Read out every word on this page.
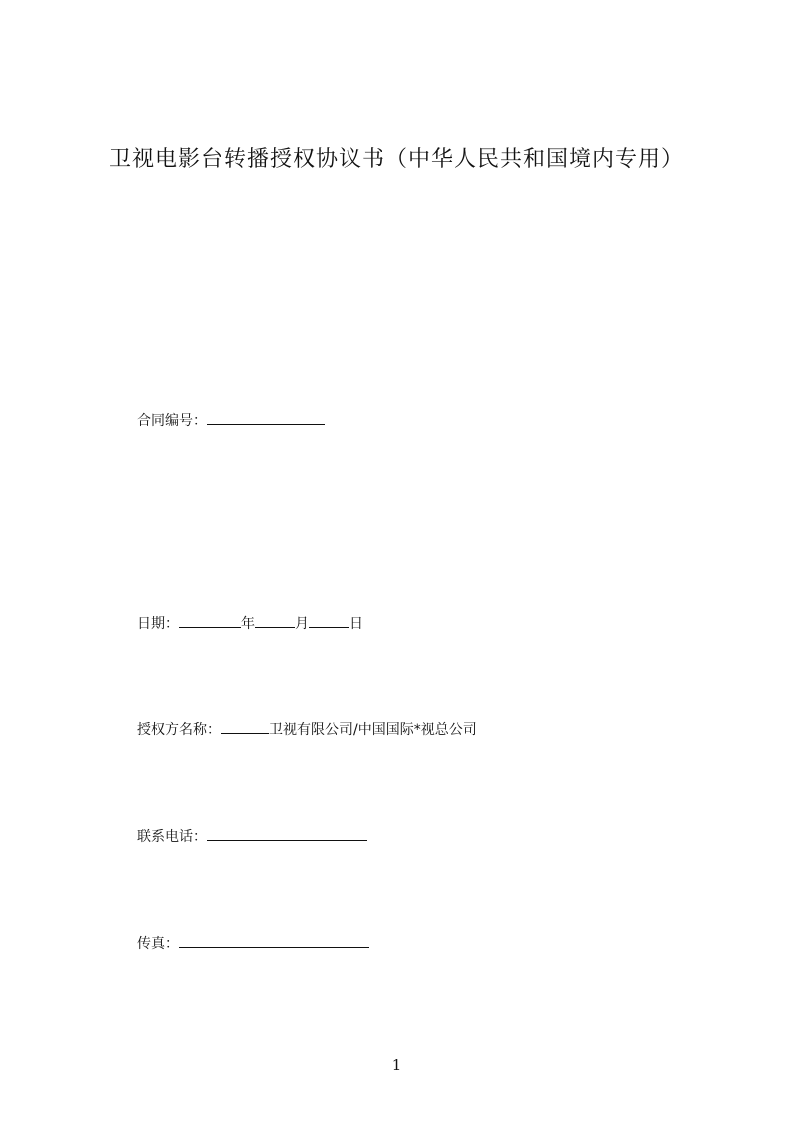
卫视电影台转播授权协议书（中华人民共和国境内专用）
合同编号：
日期：	年	月	日
授权方名称：	卫视有限公司/中国国际*视总公司
联系电话：
传真：
1
